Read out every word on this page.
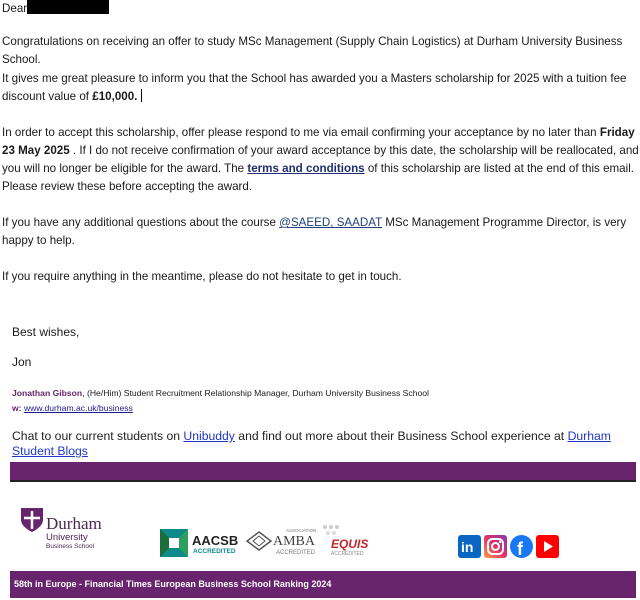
Dear

Congratulations on receiving an offer to study MSc Management (Supply Chain Logistics) at Durham University Business School.

It gives me great pleasure to inform you that the School has awarded you a Masters scholarship for 2025 with a tuition fee discount value of £10,000.

In order to accept this scholarship, offer please respond to me via email confirming your acceptance by no later than Friday 23 May 2025 . If I do not receive confirmation of your award acceptance by this date, the scholarship will be reallocated, and you will no longer be eligible for the award. The terms and conditions of this scholarship are listed at the end of this email. Please review these before accepting the award.

If you have any additional questions about the course @SAEED, SAADAT MSc Management Programme Director, is very happy to help.

If you require anything in the meantime, please do not hesitate to get in touch.

Best wishes,
Jon
Jonathan Gibson, (He/Him) Student Recruitment Relationship Manager, Durham University Business School
w: www.durham.ac.uk/business
Chat to our current students on Unibuddy and find out more about their Business School experience at Durham Student Blogs
Durham
University
Business School	AACSB
ACCREDITED
ASSOCIATION
AMBA
ACCREDITED
EQUIS
ACCREDITED	in f
58th in Europe - Financial Times European Business School Ranking 2024
